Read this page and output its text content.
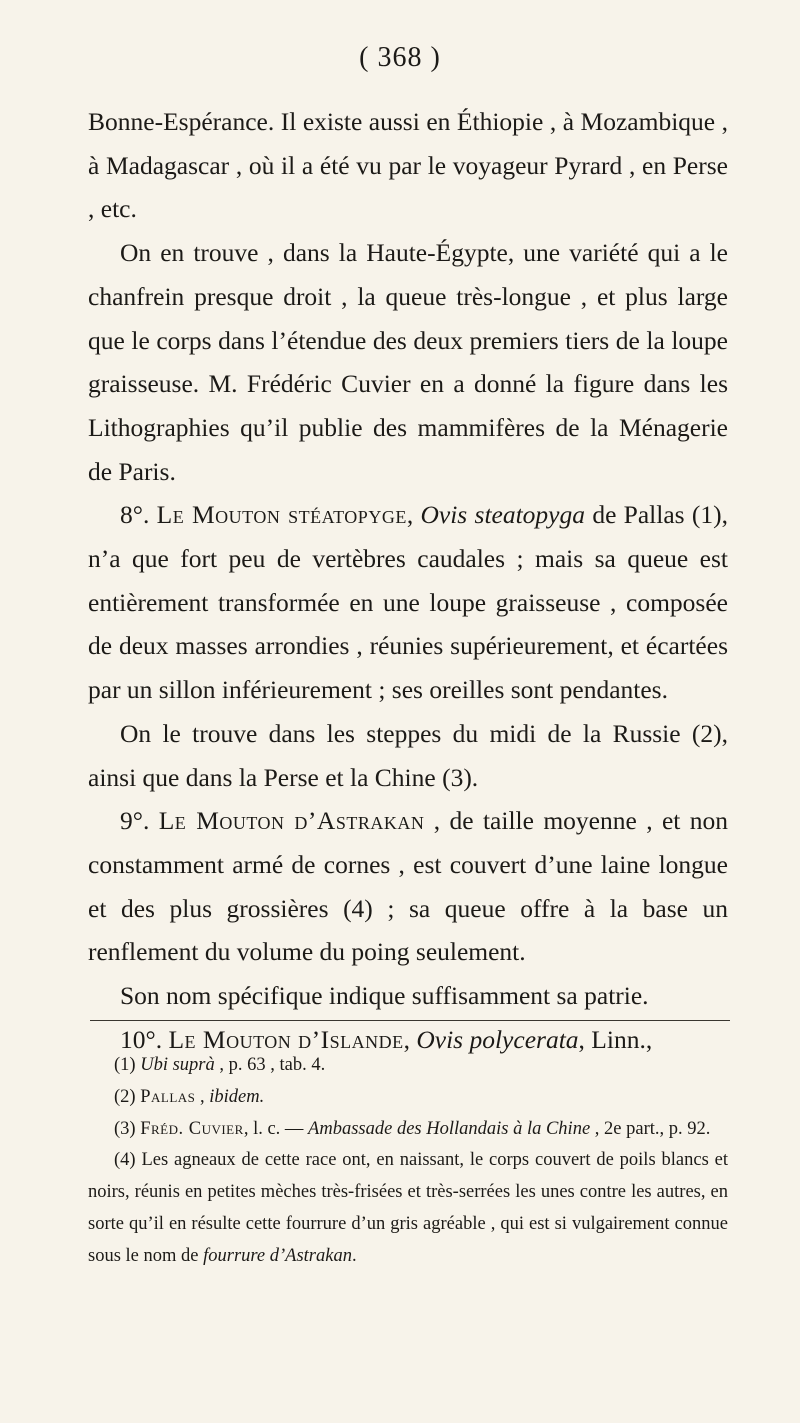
( 368 )

Bonne-Espérance. Il existe aussi en Éthiopie , à Mozambique , à Madagascar , où il a été vu par le voyageur Pyrard , en Perse , etc.

On en trouve , dans la Haute-Égypte, une variété qui a le chanfrein presque droit , la queue très-longue , et plus large que le corps dans l’étendue des deux premiers tiers de la loupe graisseuse. M. Frédéric Cuvier en a donné la figure dans les Lithographies qu’il publie des mammifères de la Ménagerie de Paris.

8°. Le Mouton stéatopyge, Ovis steatopyga de Pallas (1), n’a que fort peu de vertèbres caudales ; mais sa queue est entièrement transformée en une loupe graisseuse , composée de deux masses arrondies , réunies supérieurement, et écartées par un sillon inférieurement ; ses oreilles sont pendantes.

On le trouve dans les steppes du midi de la Russie (2), ainsi que dans la Perse et la Chine (3).

9°. Le Mouton d’Astrakan , de taille moyenne , et non constamment armé de cornes , est couvert d’une laine longue et des plus grossières (4) ; sa queue offre à la base un renflement du volume du poing seulement.

Son nom spécifique indique suffisamment sa patrie.

10°. Le Mouton d’Islande, Ovis polycerata, Linn.,

(1) Ubi suprà , p. 63 , tab. 4.

(2) Pallas , ibidem.

(3) Fréd. Cuvier, l. c. — Ambassade des Hollandais à la Chine , 2e part., p. 92.

(4) Les agneaux de cette race ont, en naissant, le corps couvert de poils blancs et noirs, réunis en petites mèches très-frisées et très-serrées les unes contre les autres, en sorte qu’il en résulte cette fourrure d’un gris agréable , qui est si vulgairement connue sous le nom de fourrure d’Astrakan.
